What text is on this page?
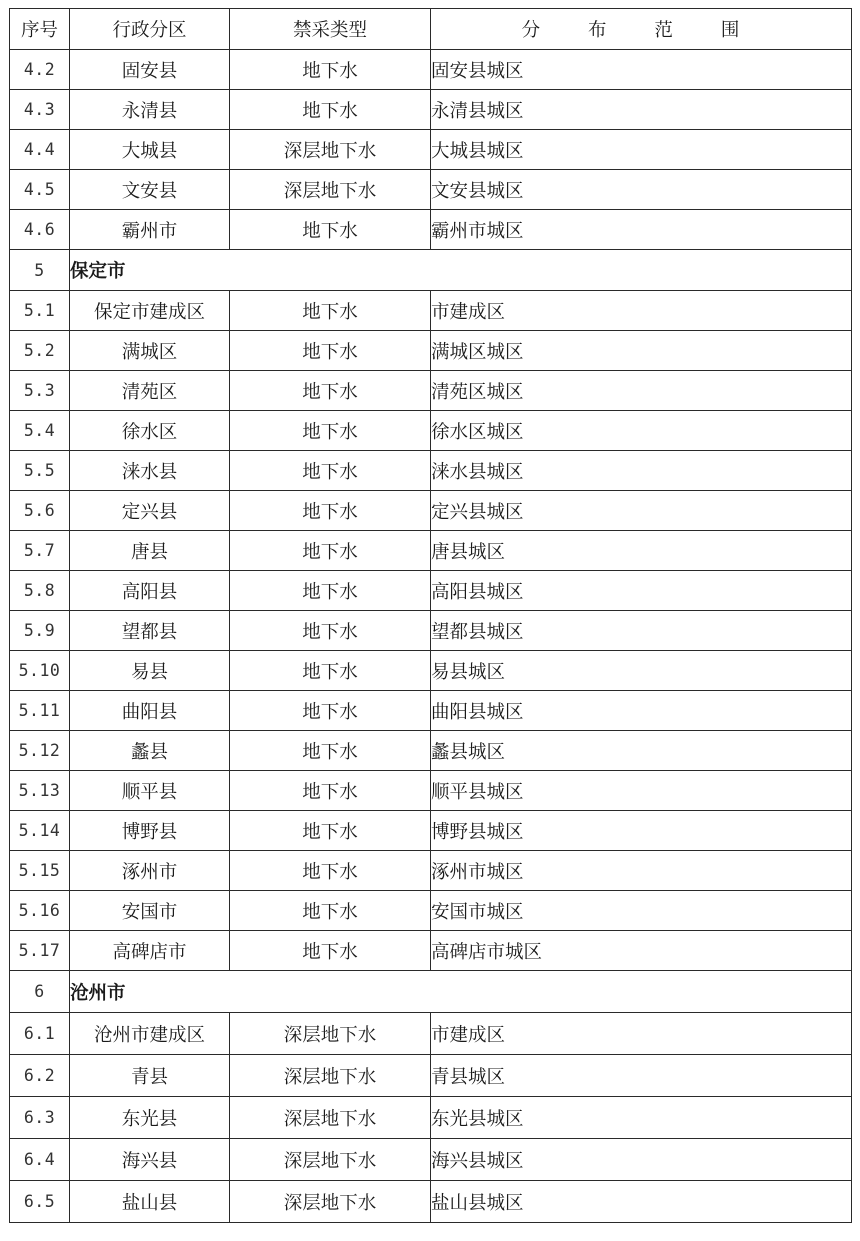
序号	行政分区	禁采类型	分 布 范 围
4.2	固安县	地下水	固安县城区
4.3	永清县	地下水	永清县城区
4.4	大城县	深层地下水	大城县城区
4.5	文安县	深层地下水	文安县城区
4.6	霸州市	地下水	霸州市城区
5	保定市		
5.1	保定市建成区	地下水	市建成区
5.2	满城区	地下水	满城区城区
5.3	清苑区	地下水	清苑区城区
5.4	徐水区	地下水	徐水区城区
5.5	涞水县	地下水	涞水县城区
5.6	定兴县	地下水	定兴县城区
5.7	唐县	地下水	唐县城区
5.8	高阳县	地下水	高阳县城区
5.9	望都县	地下水	望都县城区
5.10	易县	地下水	易县城区
5.11	曲阳县	地下水	曲阳县城区
5.12	蠡县	地下水	蠡县城区
5.13	顺平县	地下水	顺平县城区
5.14	博野县	地下水	博野县城区
5.15	涿州市	地下水	涿州市城区
5.16	安国市	地下水	安国市城区
5.17	高碑店市	地下水	高碑店市城区
6	沧州市		
6.1	沧州市建成区	深层地下水	市建成区
6.2	青县	深层地下水	青县城区
6.3	东光县	深层地下水	东光县城区
6.4	海兴县	深层地下水	海兴县城区
6.5	盐山县	深层地下水	盐山县城区
